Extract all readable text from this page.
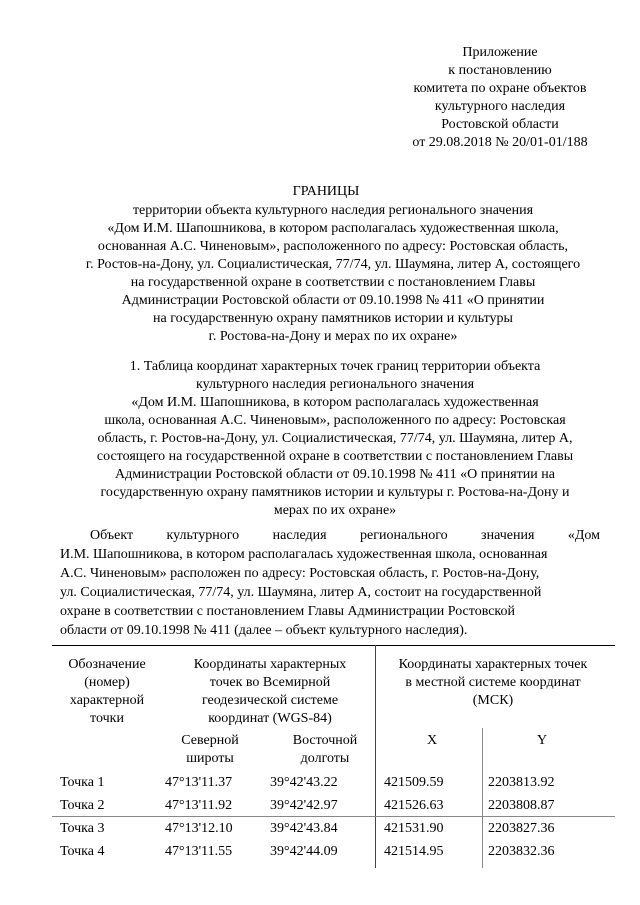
Приложение
к постановлению
комитета по охране объектов
культурного наследия
Ростовской области
от 29.08.2018 № 20/01-01/188
ГРАНИЦЫ
территории объекта культурного наследия регионального значения
«Дом И.М. Шапошникова, в котором располагалась художественная школа,
основанная А.С. Чиненовым», расположенного по адресу: Ростовская область,
г. Ростов-на-Дону, ул. Социалистическая, 77/74, ул. Шаумяна, литер А, состоящего
на государственной охране в соответствии с постановлением Главы
Администрации Ростовской области от 09.10.1998 № 411 «О принятии
на государственную охрану памятников истории и культуры
г. Ростова-на-Дону и мерах по их охране»
1. Таблица координат характерных точек границ территории объекта
культурного наследия регионального значения
«Дом И.М. Шапошникова, в котором располагалась художественная
школа, основанная А.С. Чиненовым», расположенного по адресу: Ростовская
область, г. Ростов-на-Дону, ул. Социалистическая, 77/74, ул. Шаумяна, литер А,
состоящего на государственной охране в соответствии с постановлением Главы
Администрации Ростовской области от 09.10.1998 № 411 «О принятии на
государственную охрану памятников истории и культуры г. Ростова-на-Дону и
мерах по их охране»
Объект культурного наследия регионального значения «Дом
И.М. Шапошникова, в котором располагалась художественная школа, основанная
А.С. Чиненовым» расположен по адресу: Ростовская область, г. Ростов-на-Дону,
ул. Социалистическая, 77/74, ул. Шаумяна, литер А, состоит на государственной
охране в соответствии с постановлением Главы Администрации Ростовской
области от 09.10.1998 № 411 (далее – объект культурного наследия).
Обозначение
(номер)
характерной
точки
Координаты характерных
точек во Всемирной
геодезической системе
координат (WGS-84)
Координаты характерных точек
в местной системе координат
(МСК)
Северной
широты
Восточной
долготы
X	Y
Точка 1	47°13'11.37	39°42'43.22	421509.59	2203813.92
Точка 2	47°13'11.92	39°42'42.97	421526.63	2203808.87
Точка 3	47°13'12.10	39°42'43.84	421531.90	2203827.36
Точка 4	47°13'11.55	39°42'44.09	421514.95	2203832.36
